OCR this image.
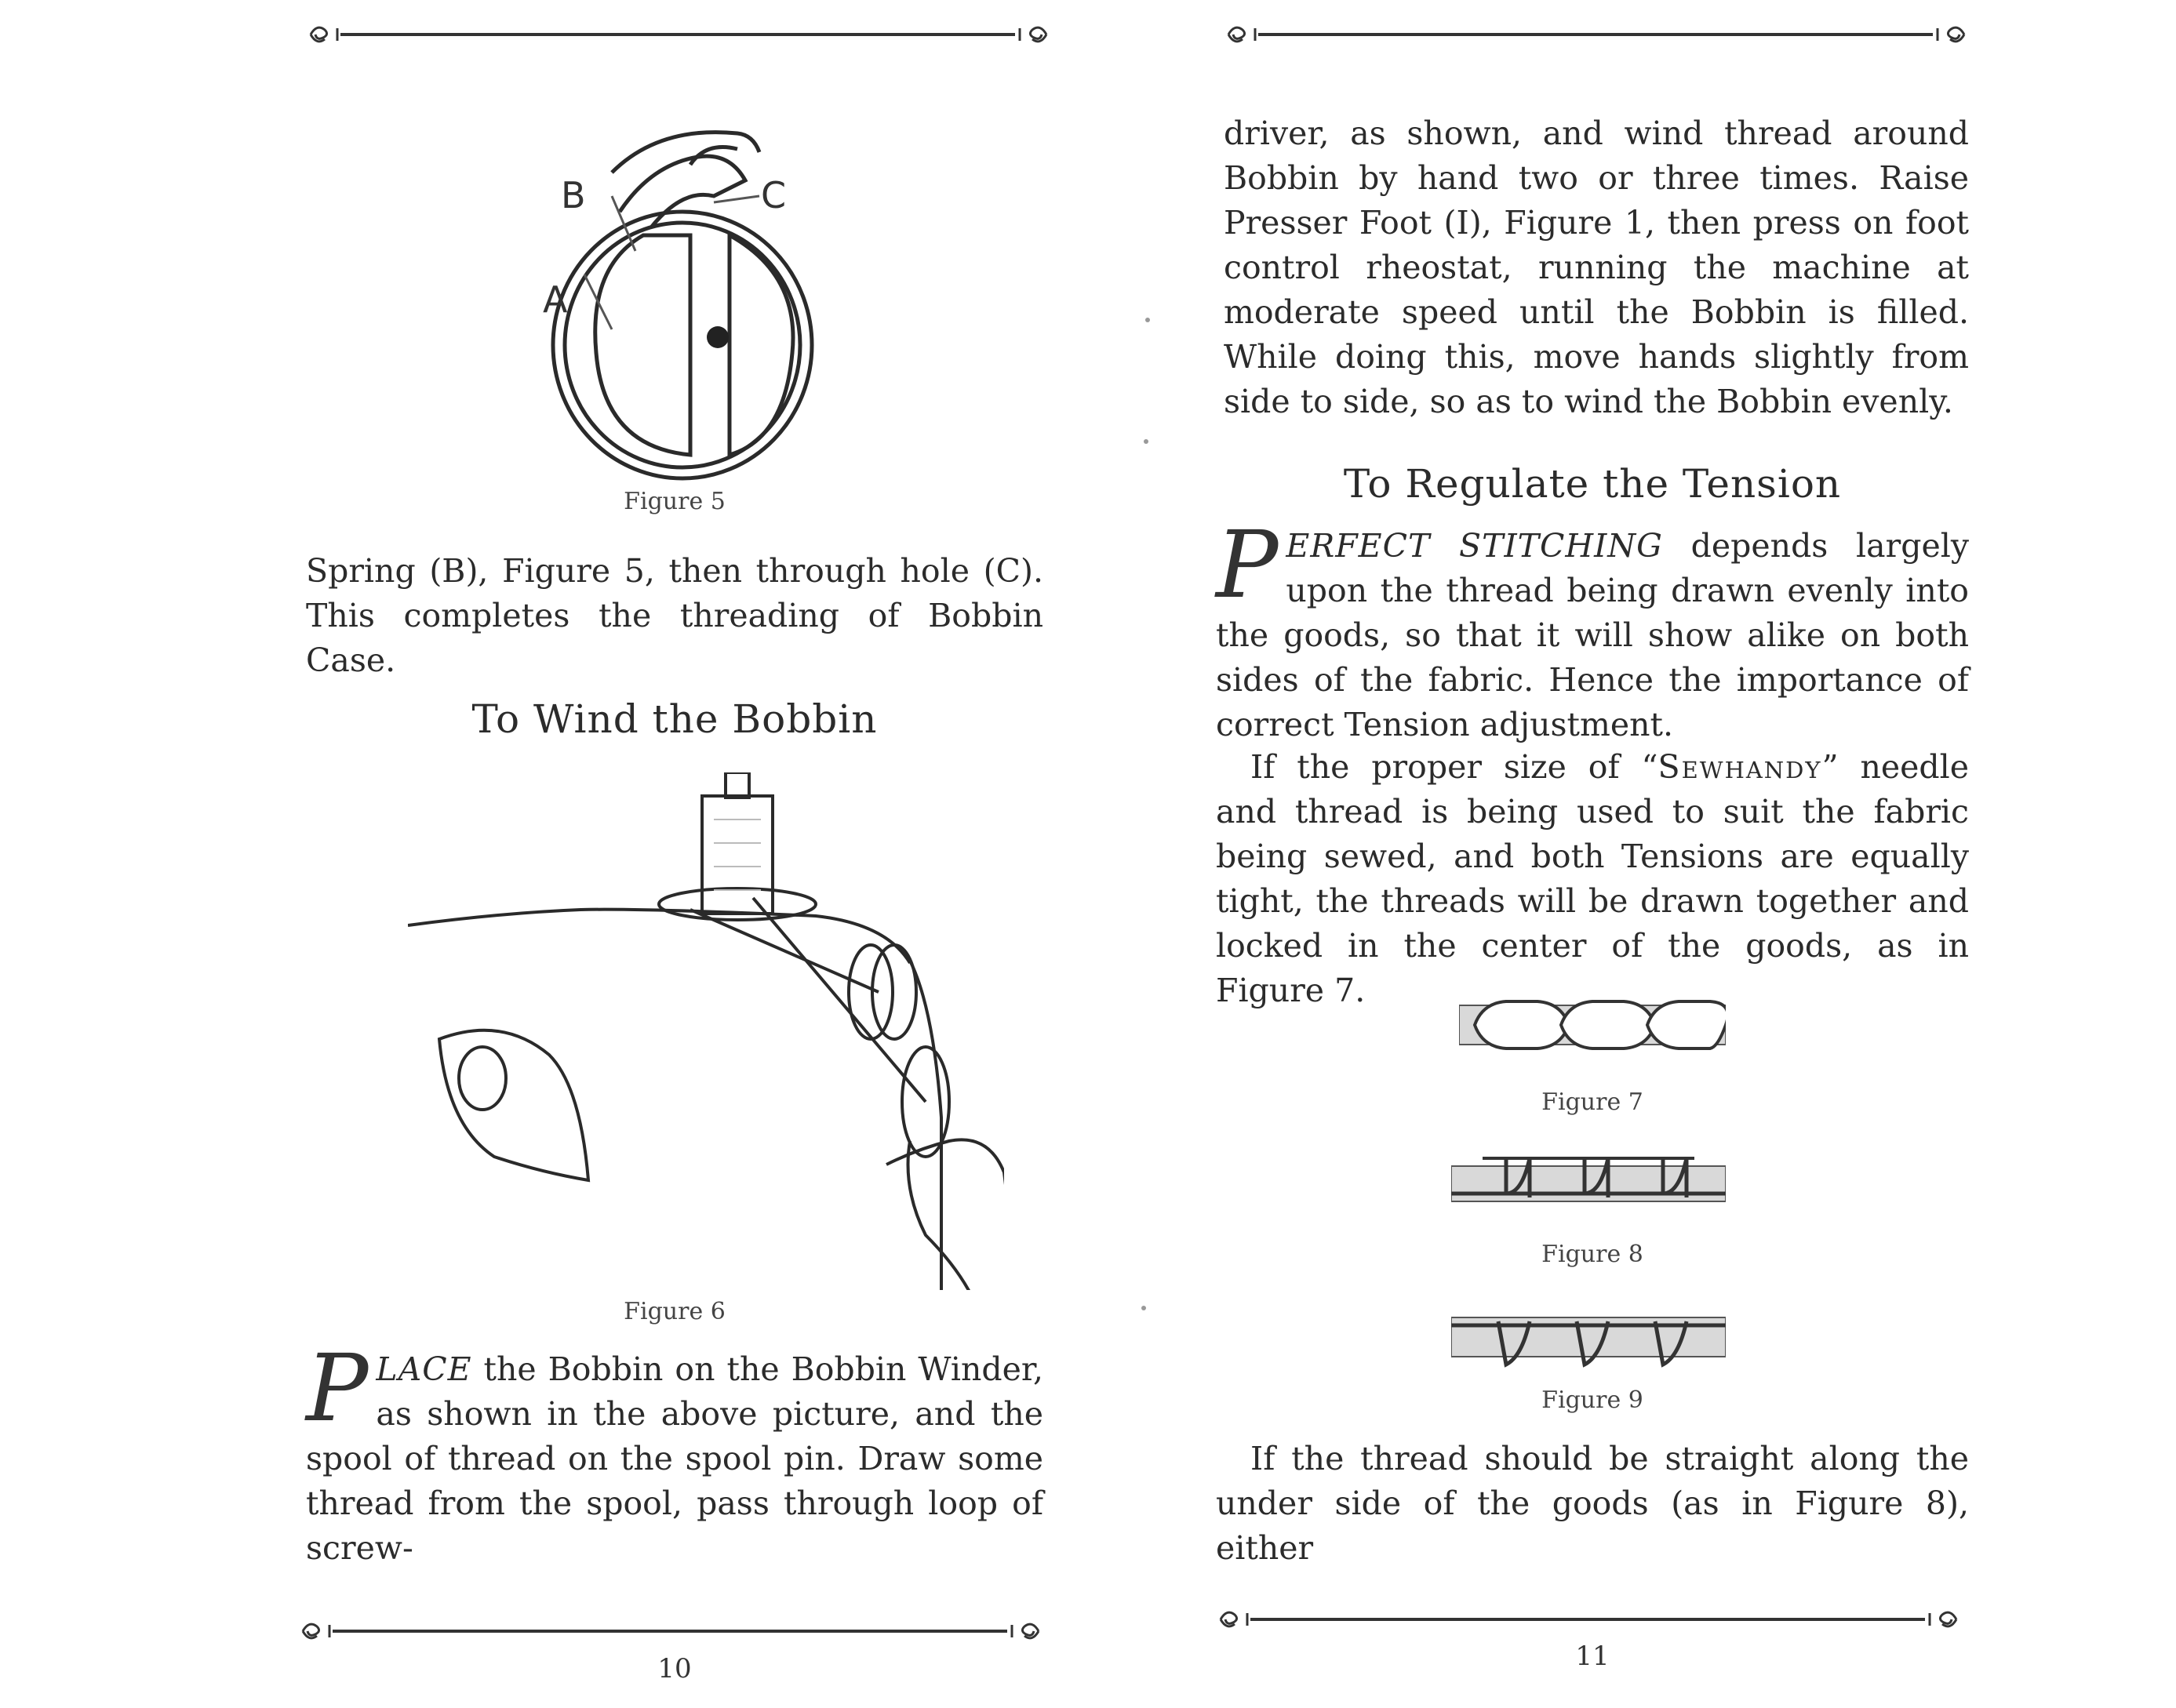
B	C
A
Figure 5

Spring (B), Figure 5, then through hole (C). This completes the threading of Bobbin Case.

To Wind the Bobbin
Figure 6

PLACE the Bobbin on the Bobbin Winder, as shown in the above picture, and the spool of thread on the spool pin. Draw some thread from the spool, pass through loop of screw-

10

driver, as shown, and wind thread around Bobbin by hand two or three times. Raise Presser Foot (I), Figure 1, then press on foot control rheostat, running the machine at moderate speed until the Bobbin is filled. While doing this, move hands slightly from side to side, so as to wind the Bobbin evenly.

To Regulate the Tension

PERFECT STITCHING depends largely upon the thread being drawn evenly into the goods, so that it will show alike on both sides of the fabric. Hence the importance of correct Tension adjustment.

If the proper size of “Sewhandy” needle and thread is being used to suit the fabric being sewed, and both Tensions are equally tight, the threads will be drawn together and locked in the center of the goods, as in Figure 7.

Figure 7
Figure 8
Figure 9

If the thread should be straight along the under side of the goods (as in Figure 8), either

11
